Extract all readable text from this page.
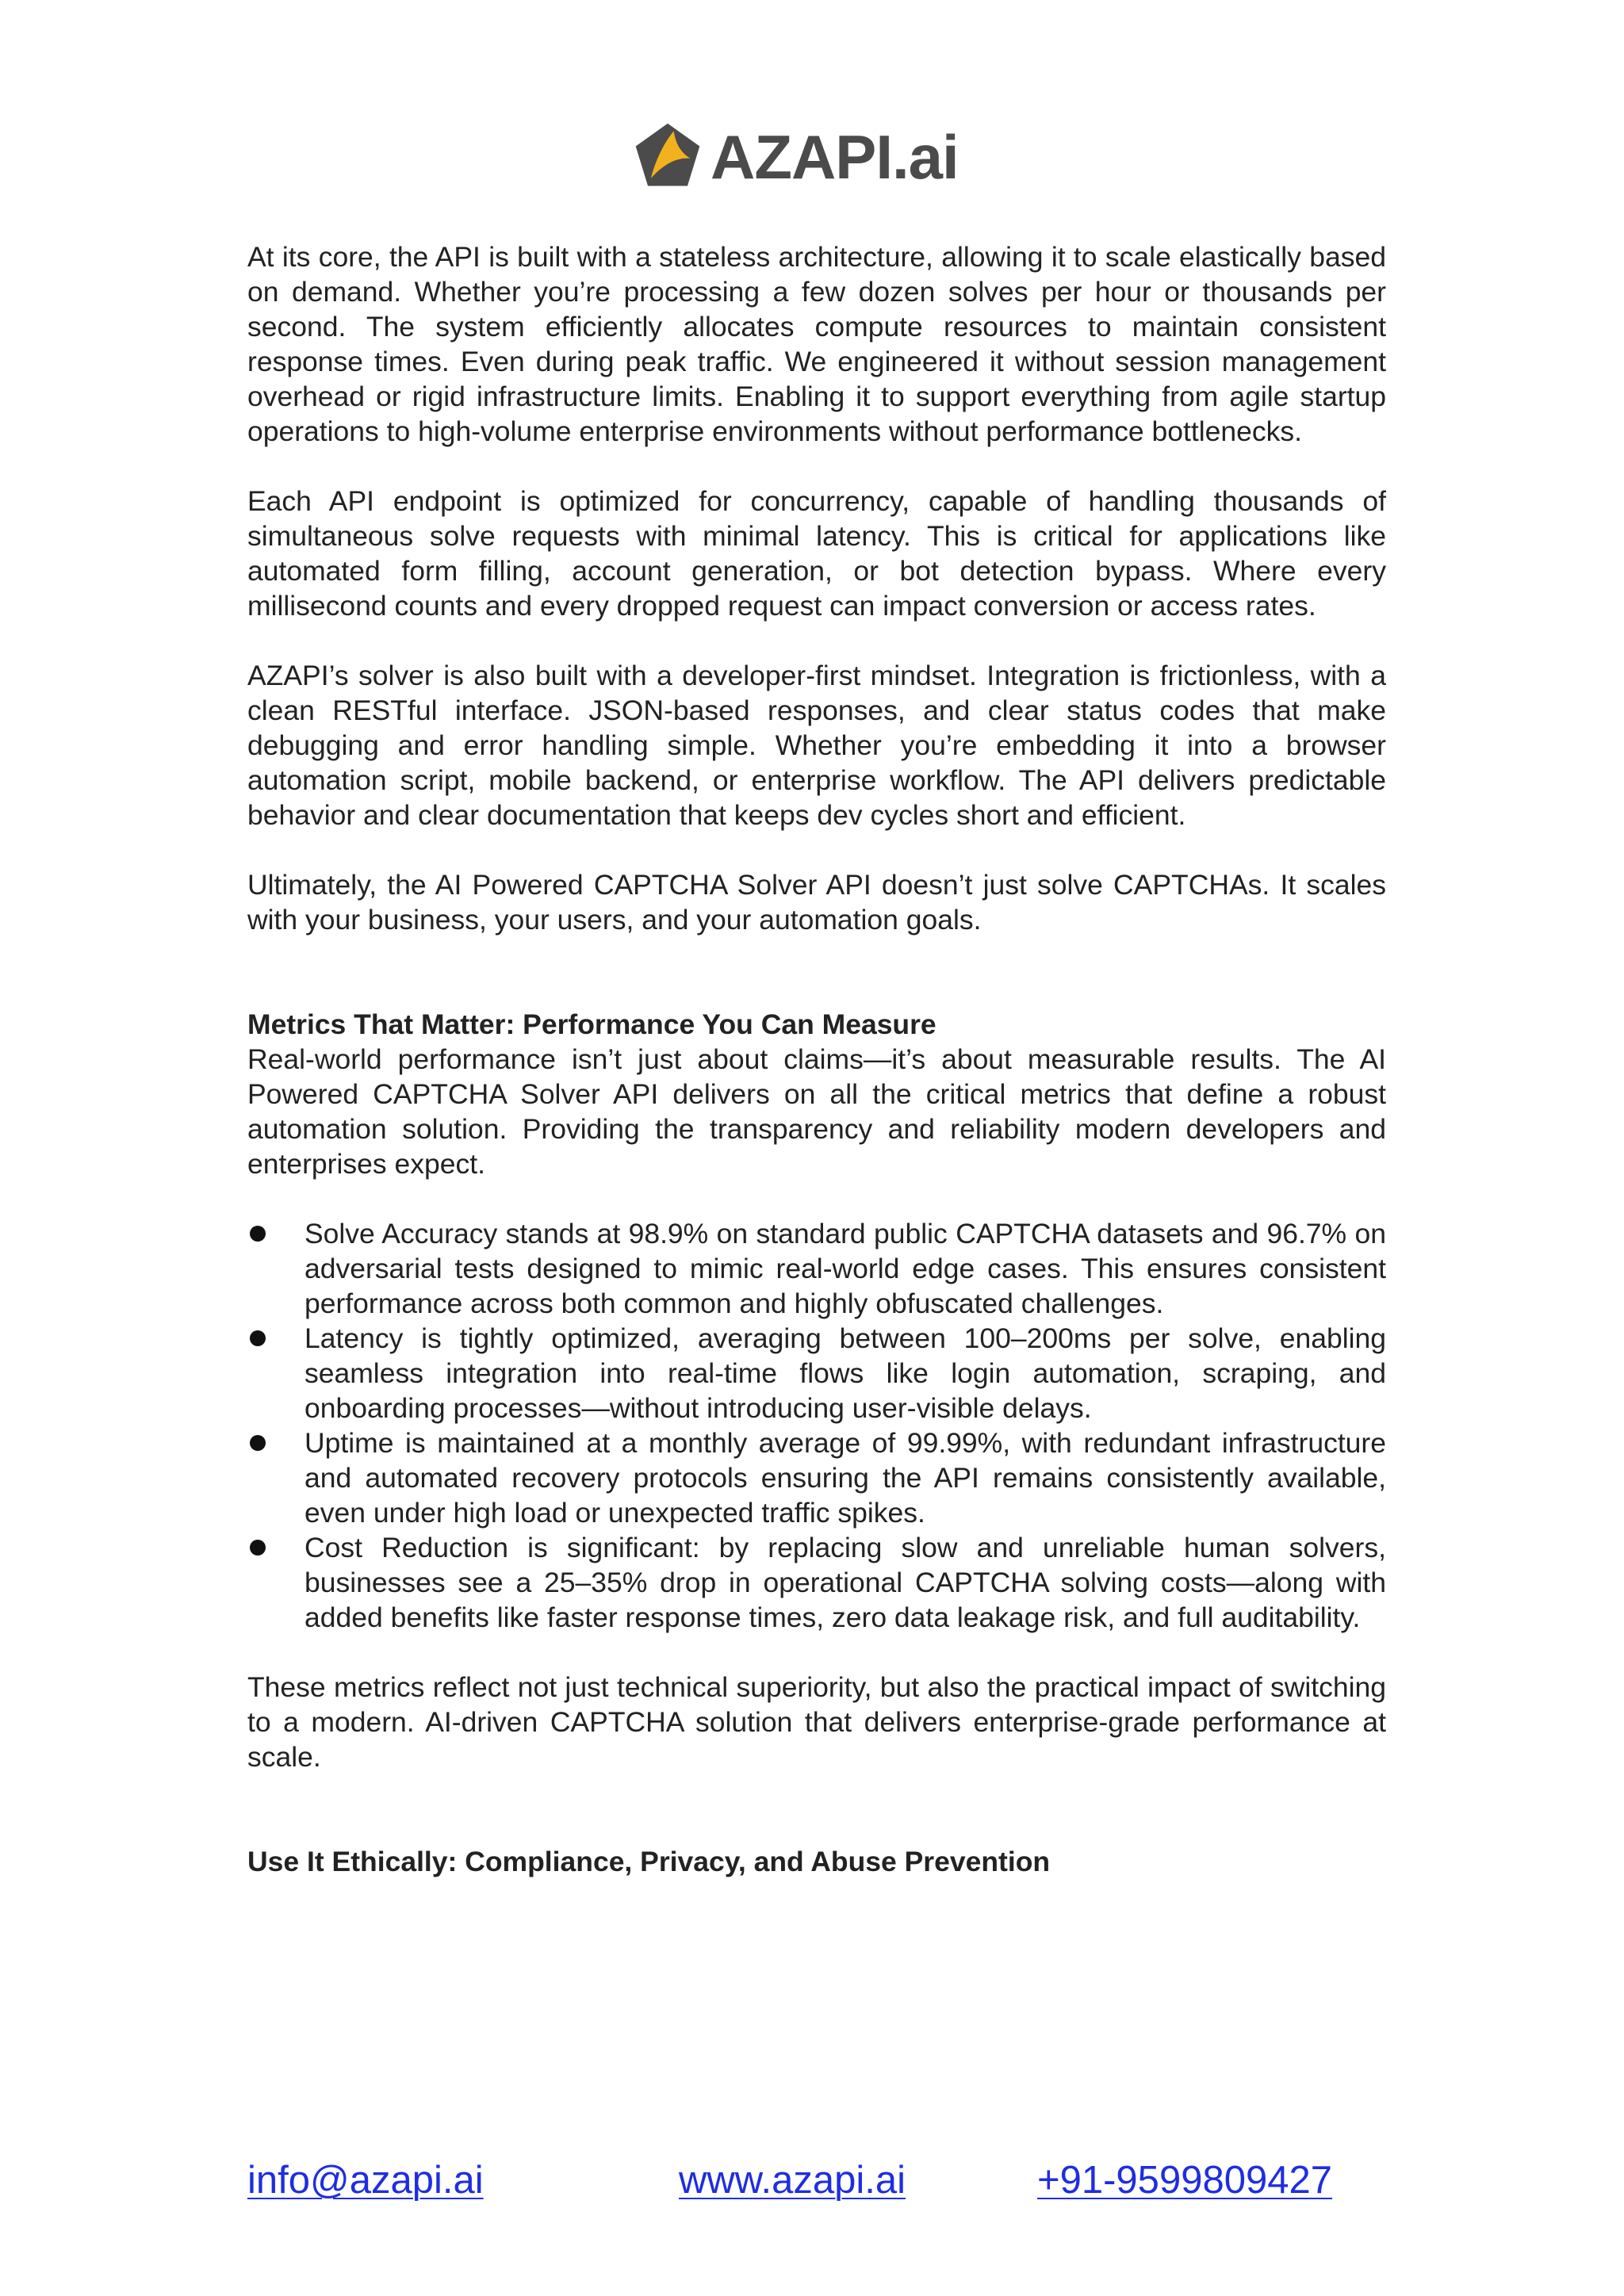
AZAPI.ai

At its core, the API is built with a stateless architecture, allowing it to scale elastically based on demand. Whether you’re processing a few dozen solves per hour or thousands per second. The system efficiently allocates compute resources to maintain consistent response times. Even during peak traffic. We engineered it without session management overhead or rigid infrastructure limits. Enabling it to support everything from agile startup operations to high-volume enterprise environments without performance bottlenecks.

Each API endpoint is optimized for concurrency, capable of handling thousands of simultaneous solve requests with minimal latency. This is critical for applications like automated form filling, account generation, or bot detection bypass. Where every millisecond counts and every dropped request can impact conversion or access rates.

AZAPI’s solver is also built with a developer-first mindset. Integration is frictionless, with a clean RESTful interface. JSON-based responses, and clear status codes that make debugging and error handling simple. Whether you’re embedding it into a browser automation script, mobile backend, or enterprise workflow. The API delivers predictable behavior and clear documentation that keeps dev cycles short and efficient.

Ultimately, the AI Powered CAPTCHA Solver API doesn’t just solve CAPTCHAs. It scales with your business, your users, and your automation goals.

Metrics That Matter: Performance You Can Measure

Real-world performance isn’t just about claims—it’s about measurable results. The AI Powered CAPTCHA Solver API delivers on all the critical metrics that define a robust automation solution. Providing the transparency and reliability modern developers and enterprises expect.

Solve Accuracy stands at 98.9% on standard public CAPTCHA datasets and 96.7% on adversarial tests designed to mimic real-world edge cases. This ensures consistent performance across both common and highly obfuscated challenges.
Latency is tightly optimized, averaging between 100–200ms per solve, enabling seamless integration into real-time flows like login automation, scraping, and onboarding processes—without introducing user-visible delays.
Uptime is maintained at a monthly average of 99.99%, with redundant infrastructure and automated recovery protocols ensuring the API remains consistently available, even under high load or unexpected traffic spikes.
Cost Reduction is significant: by replacing slow and unreliable human solvers, businesses see a 25–35% drop in operational CAPTCHA solving costs—along with added benefits like faster response times, zero data leakage risk, and full auditability.

These metrics reflect not just technical superiority, but also the practical impact of switching to a modern. AI-driven CAPTCHA solution that delivers enterprise-grade performance at scale.

Use It Ethically: Compliance, Privacy, and Abuse Prevention

info@azapi.ai	www.azapi.ai	+91-9599809427
